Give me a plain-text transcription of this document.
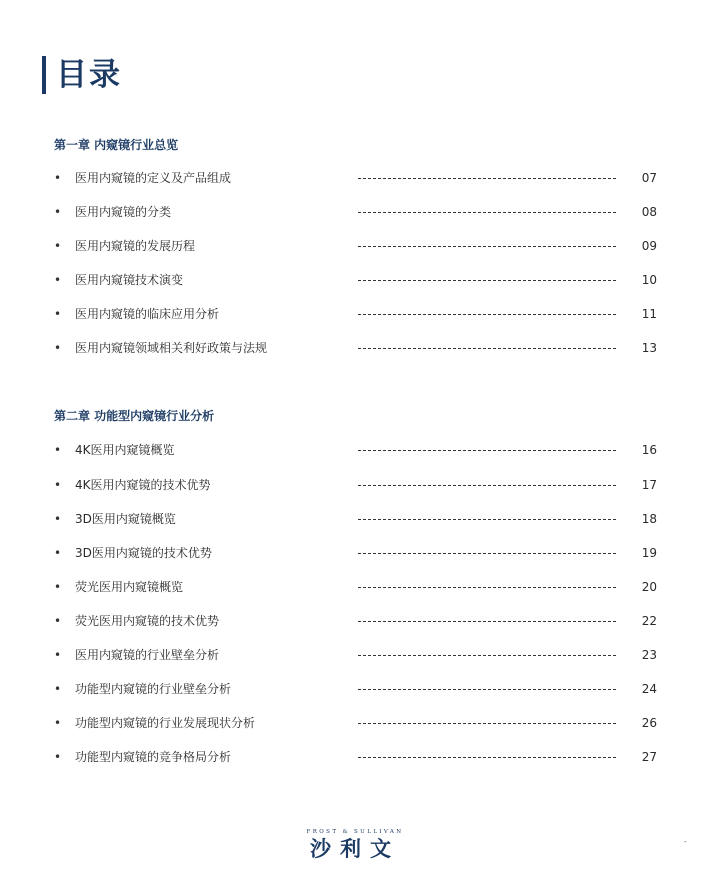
目录
第一章 内窥镜行业总览
• 医用内窥镜的定义及产品组成	07
• 医用内窥镜的分类	08
• 医用内窥镜的发展历程	09
• 医用内窥镜技术演变	10
• 医用内窥镜的临床应用分析	11
• 医用内窥镜领域相关利好政策与法规	13
第二章 功能型内窥镜行业分析
• 4K医用内窥镜概览	16
• 4K医用内窥镜的技术优势	17
• 3D医用内窥镜概览	18
• 3D医用内窥镜的技术优势	19
• 荧光医用内窥镜概览	20
• 荧光医用内窥镜的技术优势	22
• 医用内窥镜的行业壁垒分析	23
• 功能型内窥镜的行业壁垒分析	24
• 功能型内窥镜的行业发展现状分析	26
• 功能型内窥镜的竞争格局分析	27
FROST & SULLIVAN
沙利文	-
